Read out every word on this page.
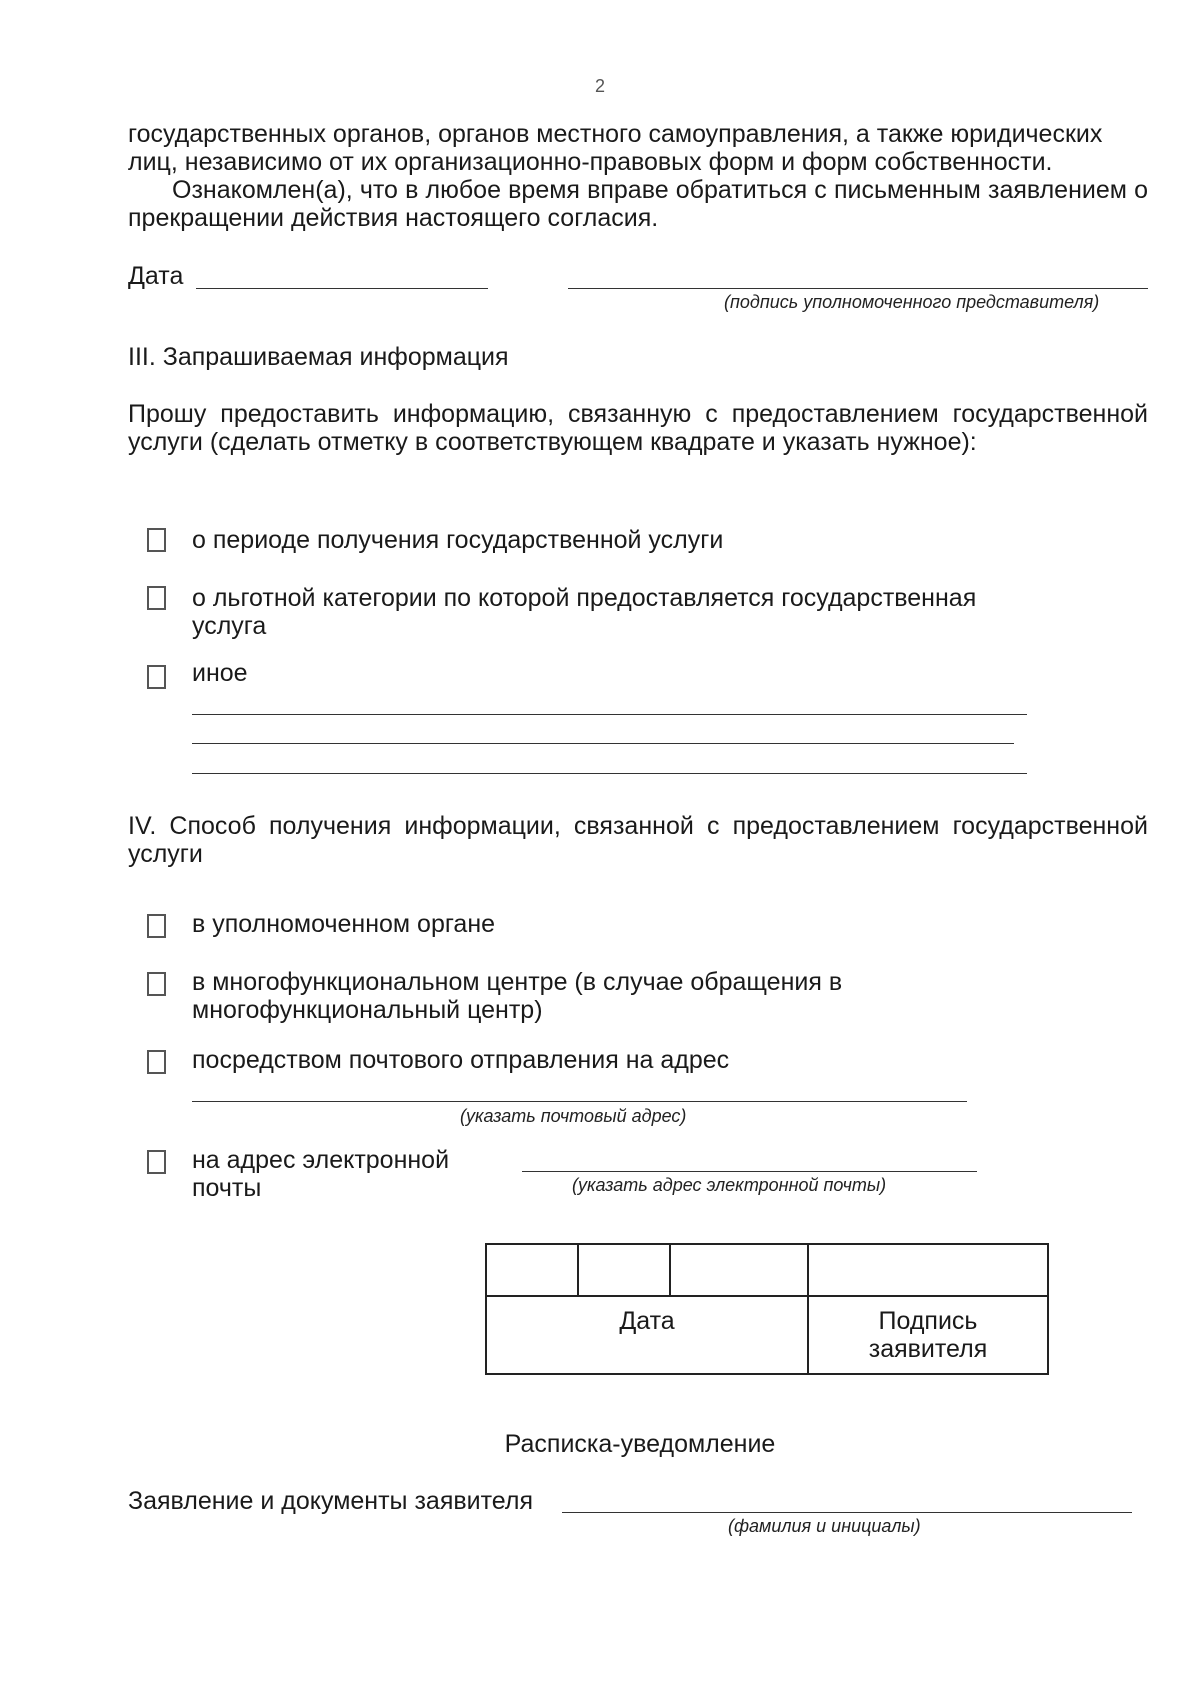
2
государственных органов, органов местного самоуправления, а также юридических
лиц, независимо от их организационно-правовых форм и форм собственности.
Ознакомлен(а), что в любое время вправе обратиться с письменным заявлением о прекращении действия настоящего согласия.
Дата
(подпись уполномоченного представителя)
III. Запрашиваемая информация
Прошу предоставить информацию, связанную с предоставлением государственной услуги (сделать отметку в соответствующем квадрате и указать нужное):
о периоде получения государственной услуги
о льготной категории по которой предоставляется государственная услуга
иное
IV. Способ получения информации, связанной с предоставлением государственной услуги
в уполномоченном органе
в многофункциональном центре (в случае обращения в многофункциональный центр)
посредством почтового отправления на адрес
(указать почтовый адрес)
на адрес электронной почты	(указать адрес электронной почты)

Дата			Подпись заявителя
Расписка-уведомление
Заявление и документы заявителя
(фамилия и инициалы)
